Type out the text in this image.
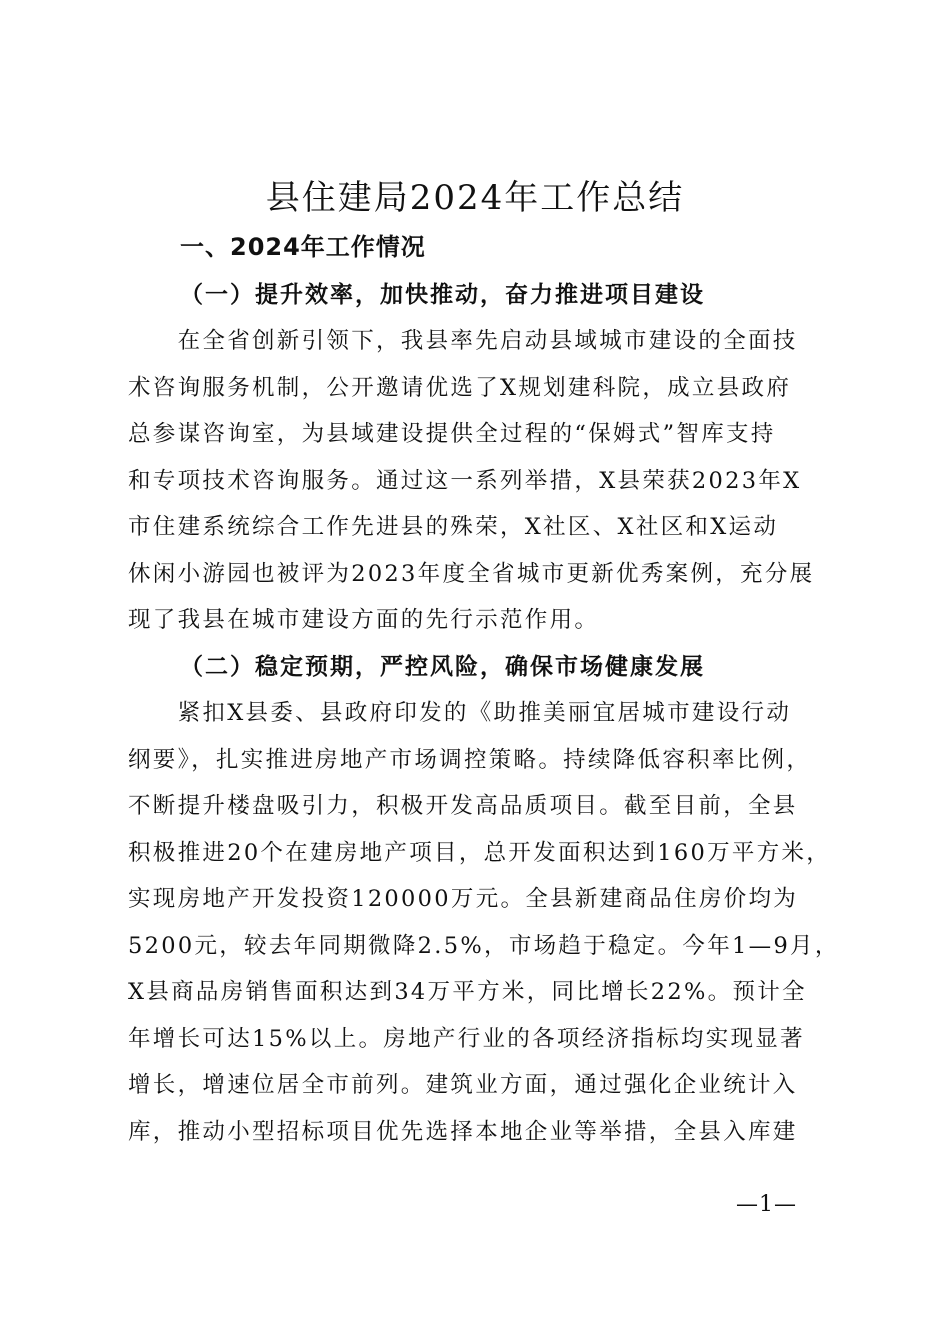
县住建局2024年工作总结
一、2024年工作情况
（一）提升效率，加快推动，奋力推进项目建设

　　在全省创新引领下，我县率先启动县域城市建设的全面技
术咨询服务机制，公开邀请优选了X规划建科院，成立县政府
总参谋咨询室，为县域建设提供全过程的“保姆式”智库支持
和专项技术咨询服务。通过这一系列举措，X县荣获2023年X
市住建系统综合工作先进县的殊荣，X社区、X社区和X运动
休闲小游园也被评为2023年度全省城市更新优秀案例，充分展
现了我县在城市建设方面的先行示范作用。

（二）稳定预期，严控风险，确保市场健康发展

　　紧扣X县委、县政府印发的《助推美丽宜居城市建设行动
纲要》，扎实推进房地产市场调控策略。持续降低容积率比例，
不断提升楼盘吸引力，积极开发高品质项目。截至目前，全县
积极推进20个在建房地产项目，总开发面积达到160万平方米，
实现房地产开发投资120000万元。全县新建商品住房价均为
5200元，较去年同期微降2.5%，市场趋于稳定。今年1—9月，
X县商品房销售面积达到34万平方米，同比增长22%。预计全
年增长可达15%以上。房地产行业的各项经济指标均实现显著
增长，增速位居全市前列。建筑业方面，通过强化企业统计入
库，推动小型招标项目优先选择本地企业等举措，全县入库建

—1—
